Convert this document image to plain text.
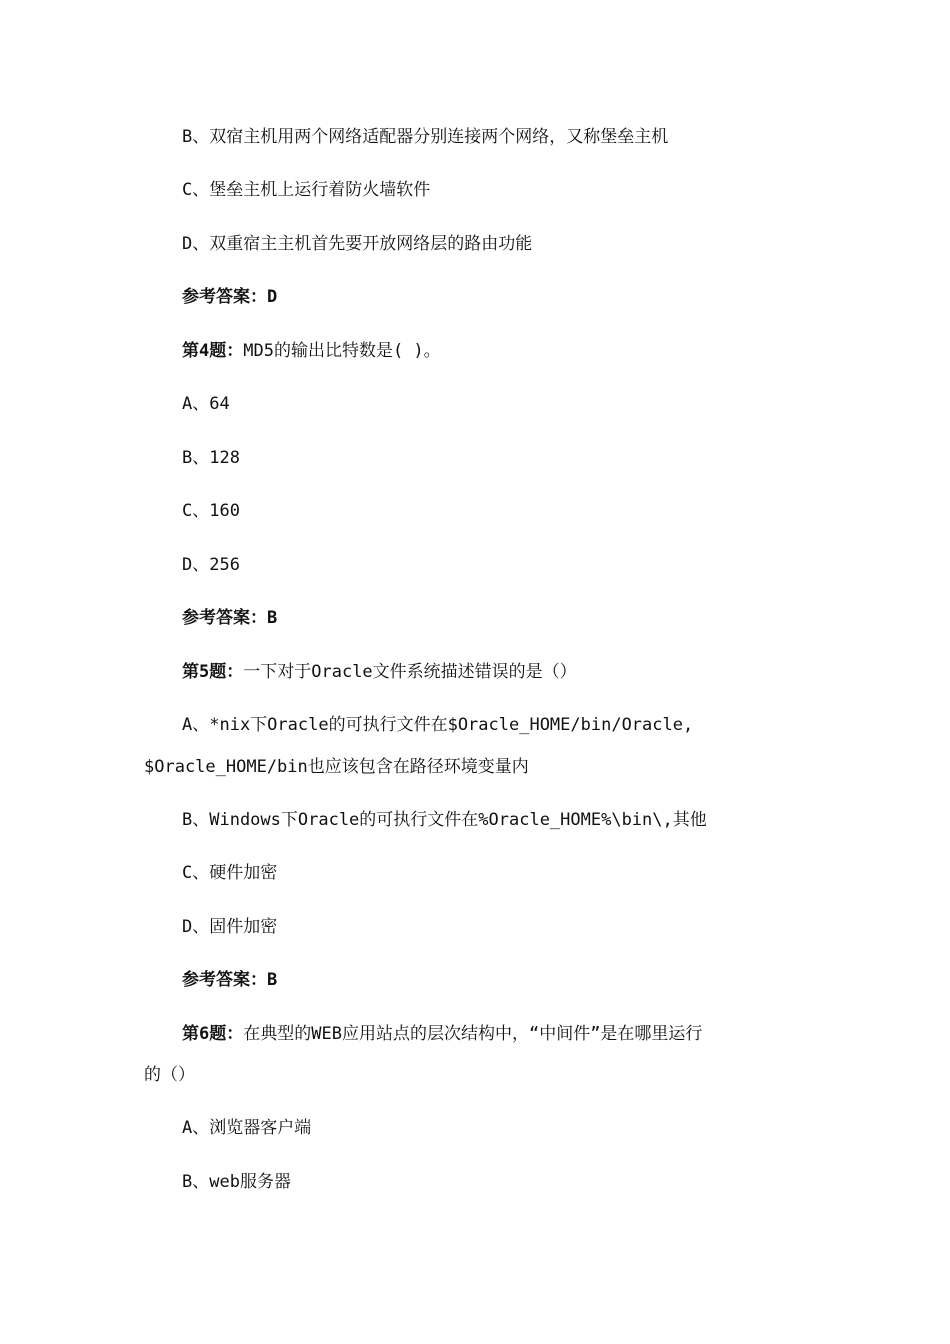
B、双宿主机用两个网络适配器分别连接两个网络，又称堡垒主机
C、堡垒主机上运行着防火墙软件
D、双重宿主主机首先要开放网络层的路由功能
参考答案：D
第4题：MD5的输出比特数是( )。
A、64
B、128
C、160
D、256
参考答案：B
第5题：一下对于Oracle文件系统描述错误的是（）
A、*nix下Oracle的可执行文件在$Oracle_HOME/bin/Oracle,
$Oracle_HOME/bin也应该包含在路径环境变量内
B、Windows下Oracle的可执行文件在%Oracle_HOME%\bin\,其他
C、硬件加密
D、固件加密
参考答案：B
第6题：在典型的WEB应用站点的层次结构中，“中间件”是在哪里运行
的（）
A、浏览器客户端
B、web服务器
